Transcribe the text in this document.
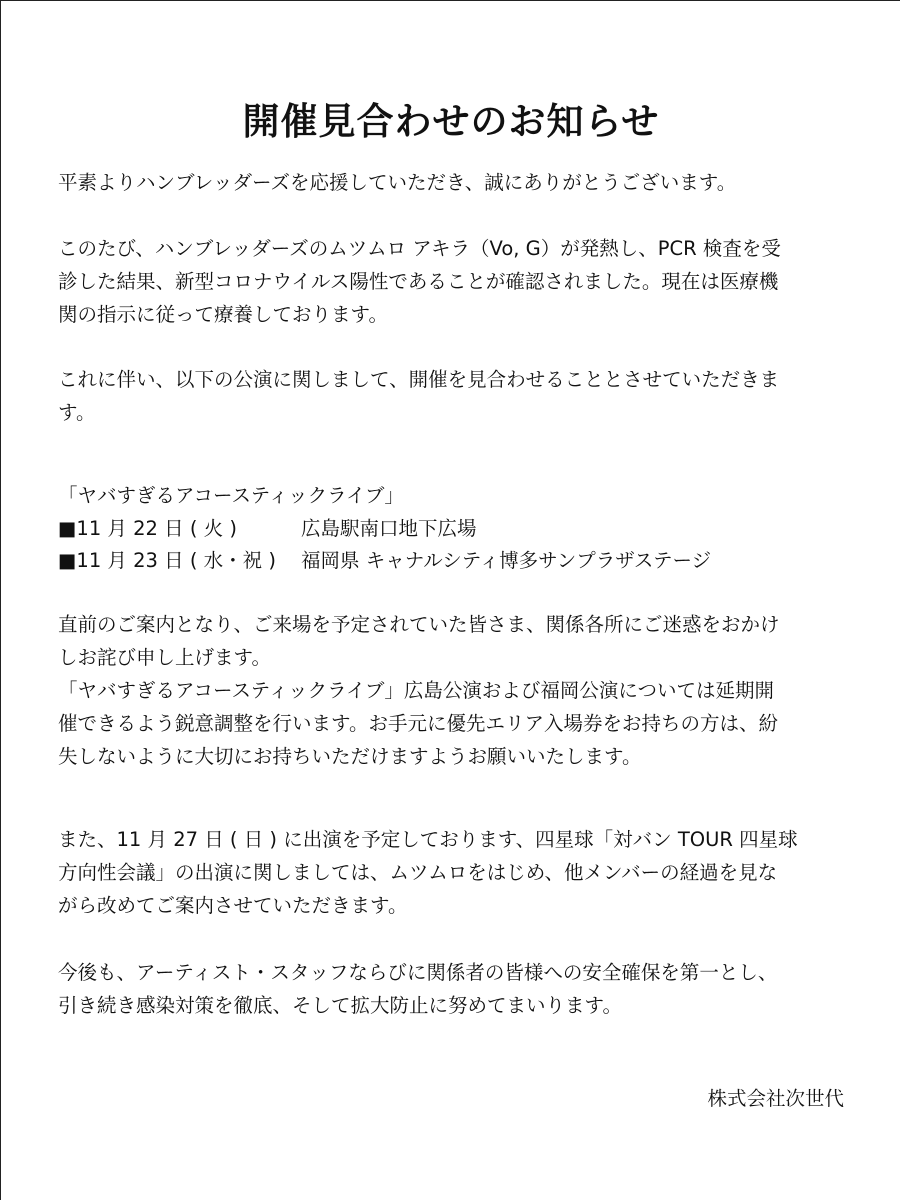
開催見合わせのお知らせ

平素よりハンブレッダーズを応援していただき、誠にありがとうございます。

このたび、ハンブレッダーズのムツムロ アキラ（Vo, G）が発熱し、PCR 検査を受
診した結果、新型コロナウイルス陽性であることが確認されました。現在は医療機
関の指示に従って療養しております。

これに伴い、以下の公演に関しまして、開催を見合わせることとさせていただきま
す。

「ヤバすぎるアコースティックライブ」

■11 月 22 日 ( 火 )	広島駅南口地下広場
■11 月 23 日 ( 水・祝 ) 福岡県 キャナルシティ博多サンプラザステージ

直前のご案内となり、ご来場を予定されていた皆さま、関係各所にご迷惑をおかけ
しお詫び申し上げます。
「ヤバすぎるアコースティックライブ」広島公演および福岡公演については延期開
催できるよう鋭意調整を行います。お手元に優先エリア入場券をお持ちの方は、紛
失しないように大切にお持ちいただけますようお願いいたします。

また、11 月 27 日 ( 日 ) に出演を予定しております、四星球「対バン TOUR 四星球
方向性会議」の出演に関しましては、ムツムロをはじめ、他メンバーの経過を見な
がら改めてご案内させていただきます。

今後も、アーティスト・スタッフならびに関係者の皆様への安全確保を第一とし、
引き続き感染対策を徹底、そして拡大防止に努めてまいります。

株式会社次世代
